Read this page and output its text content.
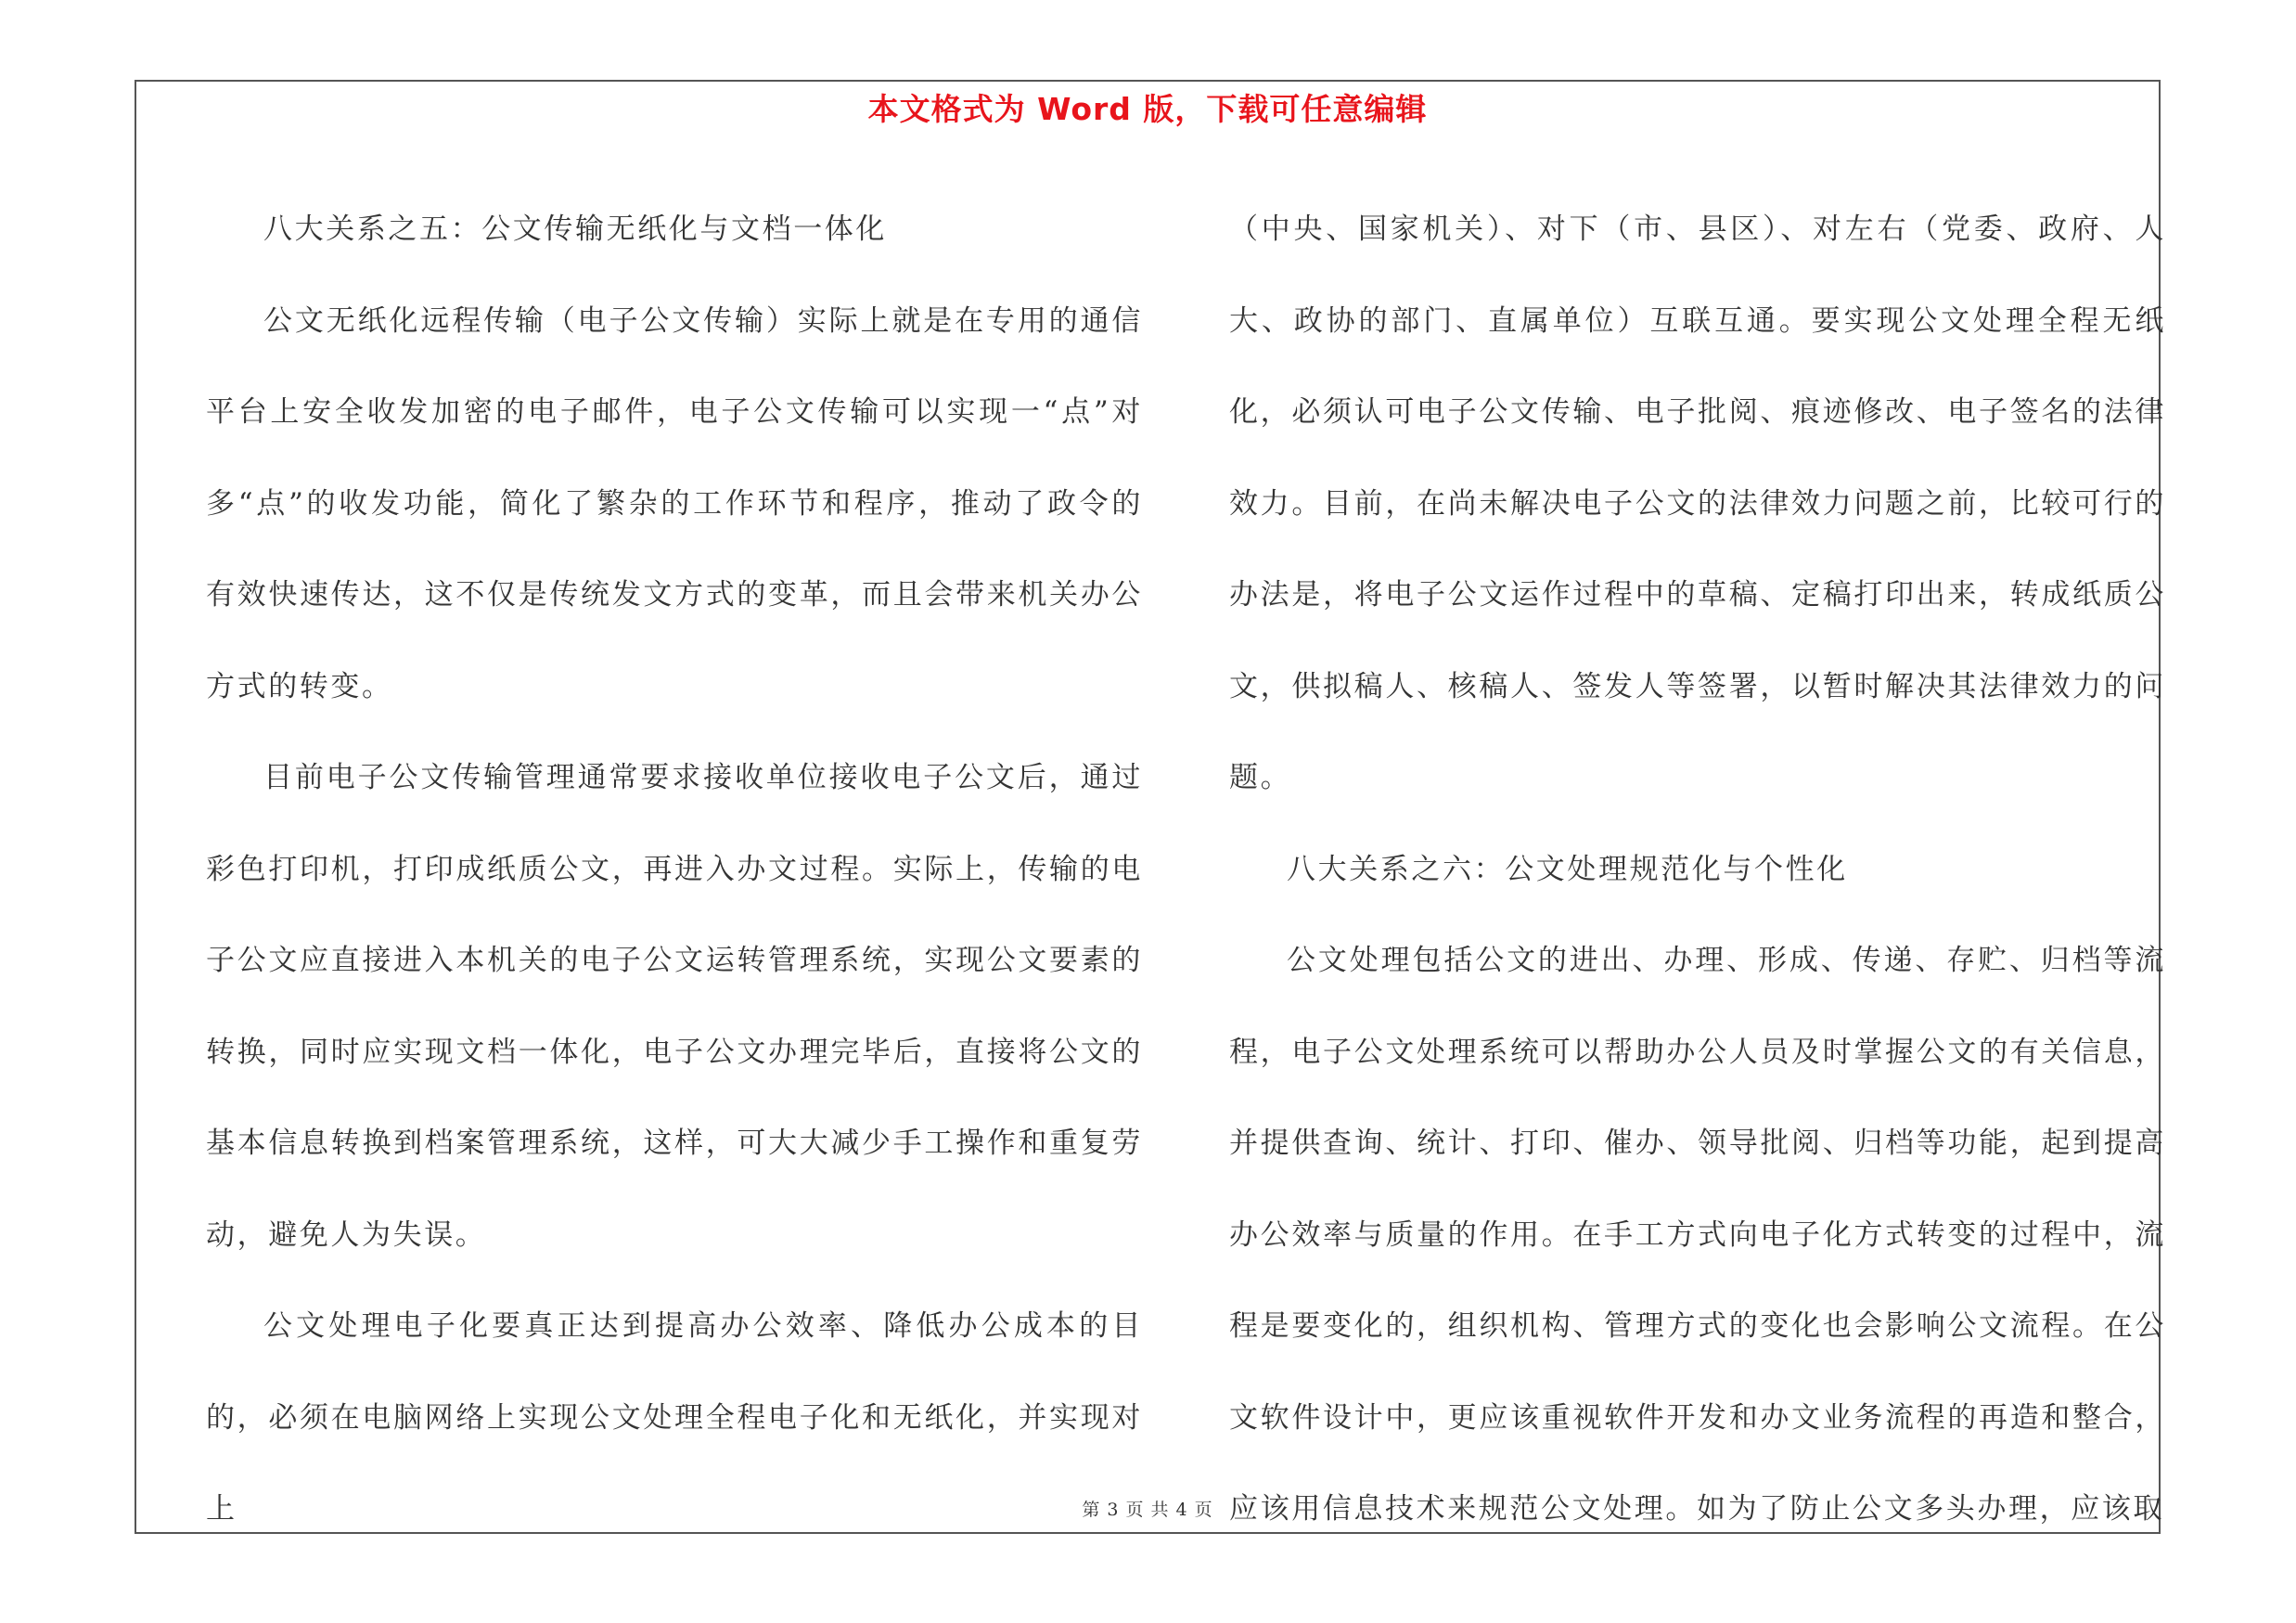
本文格式为 Word 版，下载可任意编辑

八大关系之五：公文传输无纸化与文档一体化

公文无纸化远程传输（电子公文传输）实际上就是在专用的通信平台上安全收发加密的电子邮件，电子公文传输可以实现一“点”对多“点”的收发功能，简化了繁杂的工作环节和程序，推动了政令的有效快速传达，这不仅是传统发文方式的变革，而且会带来机关办公方式的转变。

目前电子公文传输管理通常要求接收单位接收电子公文后，通过彩色打印机，打印成纸质公文，再进入办文过程。实际上，传输的电子公文应直接进入本机关的电子公文运转管理系统，实现公文要素的转换，同时应实现文档一体化，电子公文办理完毕后，直接将公文的基本信息转换到档案管理系统，这样，可大大减少手工操作和重复劳动，避免人为失误。

公文处理电子化要真正达到提高办公效率、降低办公成本的目的，必须在电脑网络上实现公文处理全程电子化和无纸化，并实现对上

（中央、国家机关）、对下（市、县区）、对左右（党委、政府、人大、政协的部门、直属单位）互联互通。要实现公文处理全程无纸化，必须认可电子公文传输、电子批阅、痕迹修改、电子签名的法律效力。目前，在尚未解决电子公文的法律效力问题之前，比较可行的办法是，将电子公文运作过程中的草稿、定稿打印出来，转成纸质公文，供拟稿人、核稿人、签发人等签署，以暂时解决其法律效力的问题。

八大关系之六：公文处理规范化与个性化

公文处理包括公文的进出、办理、形成、传递、存贮、归档等流程，电子公文处理系统可以帮助办公人员及时掌握公文的有关信息，并提供查询、统计、打印、催办、领导批阅、归档等功能，起到提高办公效率与质量的作用。在手工方式向电子化方式转变的过程中，流程是要变化的，组织机构、管理方式的变化也会影响公文流程。在公文软件设计中，更应该重视软件开发和办文业务流程的再造和整合，应该用信息技术来规范公文处理。如为了防止公文多头办理，应该取

第 3 页 共 4 页
